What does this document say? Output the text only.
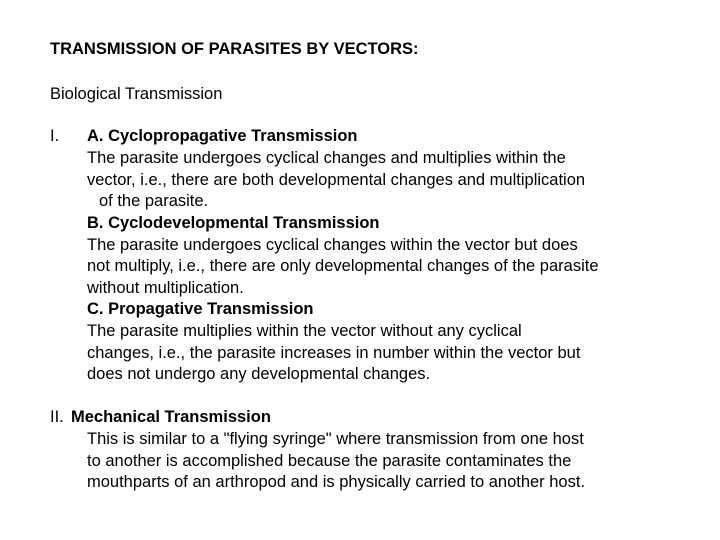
TRANSMISSION OF PARASITES BY VECTORS:
Biological Transmission
I. A. Cyclopropagative Transmission
The parasite undergoes cyclical changes and multiplies within the
vector, i.e., there are both developmental changes and multiplication
of the parasite.
B. Cyclodevelopmental Transmission
The parasite undergoes cyclical changes within the vector but does
not multiply, i.e., there are only developmental changes of the parasite
without multiplication.
C. Propagative Transmission
The parasite multiplies within the vector without any cyclical
changes, i.e., the parasite increases in number within the vector but
does not undergo any developmental changes.
II. Mechanical Transmission
This is similar to a "flying syringe" where transmission from one host
to another is accomplished because the parasite contaminates the
mouthparts of an arthropod and is physically carried to another host.
